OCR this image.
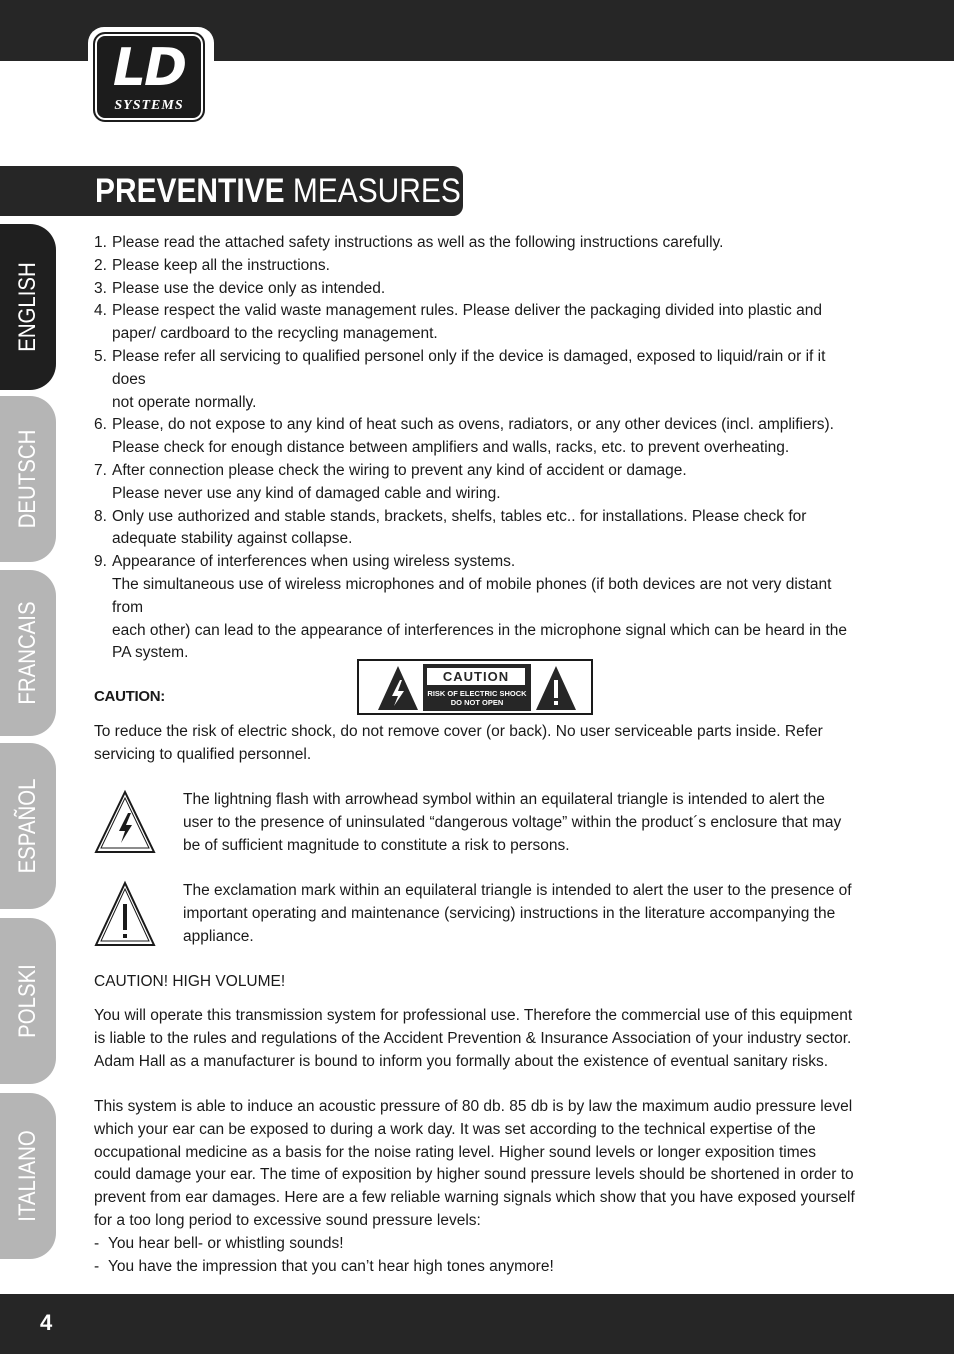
LD
SYSTEMS
PREVENTIVE MEASURES:
ENGLISH
DEUTSCH
FRANCAIS
ESPAÑOL
POLSKI
ITALIANO
1. Please read the attached safety instructions as well as the following instructions carefully.
2. Please keep all the instructions.
3. Please use the device only as intended.
4. Please respect the valid waste management rules. Please deliver the packaging divided into plastic and
paper/ cardboard to the recycling management.
5. Please refer all servicing to qualified personel only if the device is damaged, exposed to liquid/rain or if it does
not operate normally.
6. Please, do not expose to any kind of heat such as ovens, radiators, or any other devices (incl. amplifiers).
Please check for enough distance between amplifiers and walls, racks, etc. to prevent overheating.
7. After connection please check the wiring to prevent any kind of accident or damage.
Please never use any kind of damaged cable and wiring.
8. Only use authorized and stable stands, brackets, shelfs, tables etc.. for installations. Please check for
adequate stability against collapse.
9. Appearance of interferences when using wireless systems.
The simultaneous use of wireless microphones and of mobile phones (if both devices are not very distant from
each other) can lead to the appearance of interferences in the microphone signal which can be heard in the
PA system.
CAUTION:
CAUTION
RISK OF ELECTRIC SHOCK
DO NOT OPEN
To reduce the risk of electric shock, do not remove cover (or back). No user serviceable parts inside. Refer servicing to qualified personnel.
The lightning flash with arrowhead symbol within an equilateral triangle is intended to alert the user to the presence of uninsulated “dangerous voltage” within the product´s enclosure that may be of sufficient magnitude to constitute a risk to persons.
The exclamation mark within an equilateral triangle is intended to alert the user to the presence of important operating and maintenance (servicing) instructions in the literature accompanying the appliance.
CAUTION! HIGH VOLUME!
You will operate this transmission system for professional use. Therefore the commercial use of this equipment is liable to the rules and regulations of the Accident Prevention & Insurance Association of your industry sector. Adam Hall as a manufacturer is bound to inform you formally about the existence of eventual sanitary risks.
This system is able to induce an acoustic pressure of 80 db. 85 db is by law the maximum audio pressure level which your ear can be exposed to during a work day. It was set according to the technical expertise of the occupational medicine as a basis for the noise rating level. Higher sound levels or longer exposition times could damage your ear. The time of exposition by higher sound pressure levels should be shortened in order to prevent from ear damages. Here are a few reliable warning signals which show that you have exposed yourself for a too long period to excessive sound pressure levels:
- You hear bell- or whistling sounds!
- You have the impression that you can’t hear high tones anymore!
4
